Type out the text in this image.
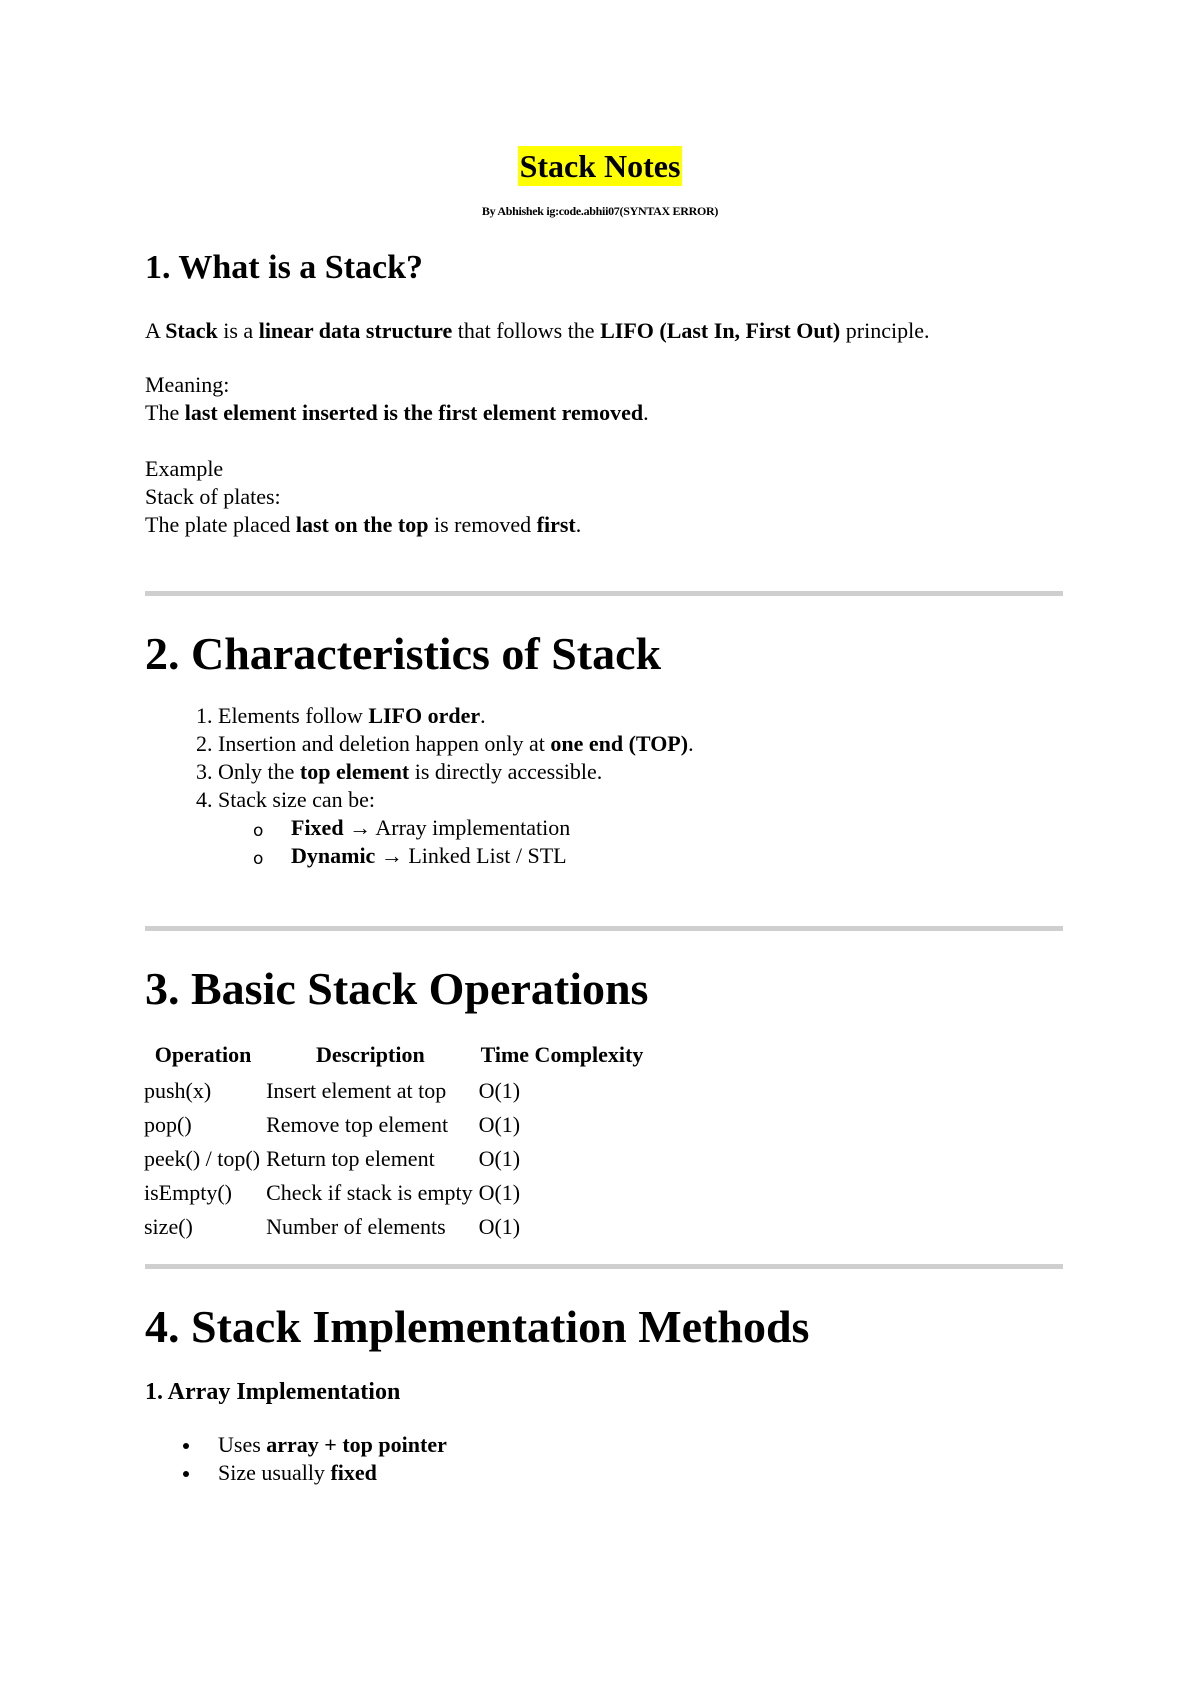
Stack Notes
By Abhishek ig:code.abhii07(SYNTAX ERROR)
1. What is a Stack?

A Stack is a linear data structure that follows the LIFO (Last In, First Out) principle.

Meaning:

The last element inserted is the first element removed.

Example

Stack of plates:

The plate placed last on the top is removed first.

2. Characteristics of Stack
1. Elements follow LIFO order.
2. Insertion and deletion happen only at one end (TOP).
3. Only the top element is directly accessible.
4. Stack size can be:
o Fixed → Array implementation
o Dynamic → Linked List / STL
3. Basic Stack Operations
Operation	Description	Time Complexity
push(x)	Insert element at top	O(1)
pop()	Remove top element	O(1)
peek() / top()	Return top element	O(1)
isEmpty()	Check if stack is empty	O(1)
size()	Number of elements	O(1)
4. Stack Implementation Methods
1. Array Implementation
Uses array + top pointer
Size usually fixed
